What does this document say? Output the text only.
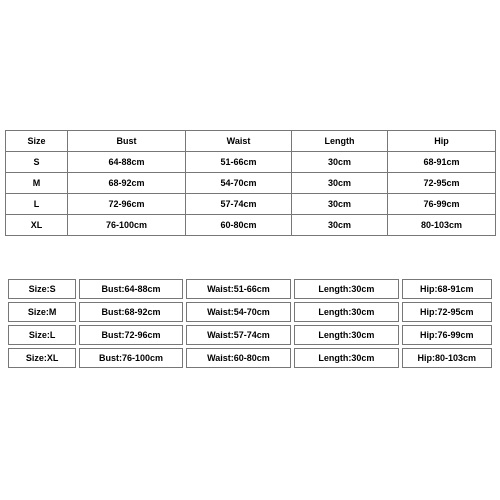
Size	Bust	Waist	Length	Hip
S	64-88cm	51-66cm	30cm	68-91cm
M	68-92cm	54-70cm	30cm	72-95cm
L	72-96cm	57-74cm	30cm	76-99cm
XL	76-100cm	60-80cm	30cm	80-103cm
Size:S	Bust:64-88cm	Waist:51-66cm	Length:30cm	Hip:68-91cm
Size:M	Bust:68-92cm	Waist:54-70cm	Length:30cm	Hip:72-95cm
Size:L	Bust:72-96cm	Waist:57-74cm	Length:30cm	Hip:76-99cm
Size:XL	Bust:76-100cm	Waist:60-80cm	Length:30cm	Hip:80-103cm
